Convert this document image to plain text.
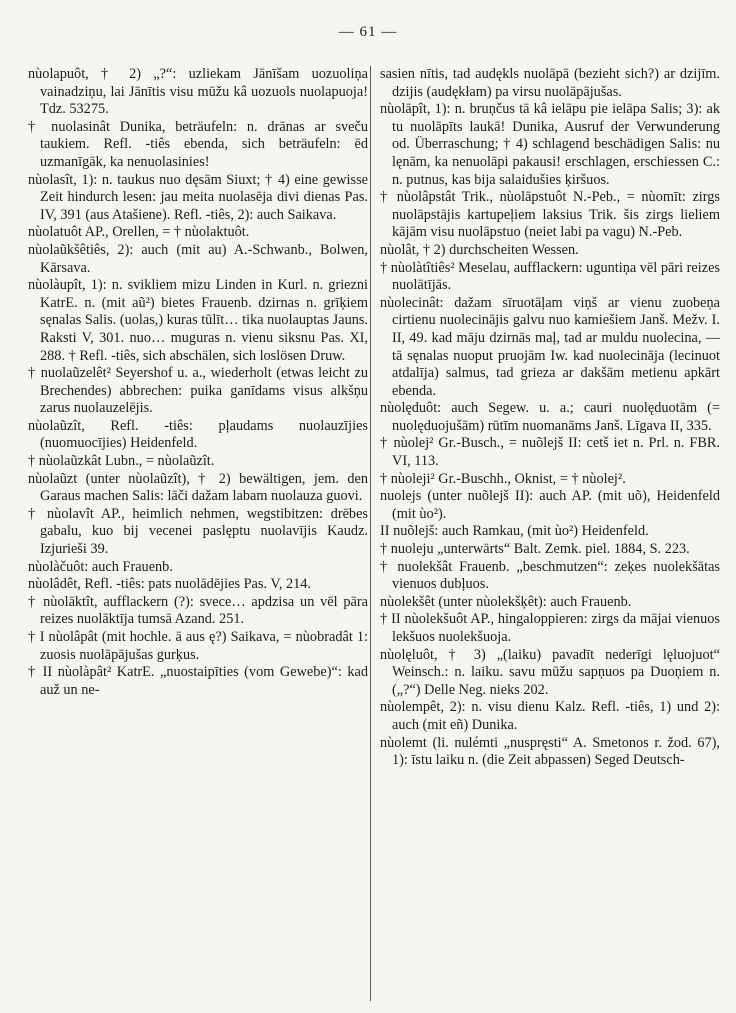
— 61 —

nùolapuôt, † 2) „?“: uzliekam Jānīšam uozuoliņa vainadziņu, lai Jānītis visu mūžu kâ uozuols nuolapuoja! Tdz. 53275.

† nuolasinât Dunika, beträufeln: n. drānas ar sveču taukiem. Refl. -tiês ebenda, sich beträufeln: ēd uzmanīgāk, ka nenuolasinies!

nùolasît, 1): n. taukus nuo dęsām Siuxt; † 4) eine gewisse Zeit hindurch lesen: jau meita nuolasēja divi dienas Pas. IV, 391 (aus Atašiene). Refl. -tiês, 2): auch Saikava.

nùolatuôt AP., Orellen, = † nùolaktuôt.

nùolaũkšêtiês, 2): auch (mit au) A.-Schwanb., Bolwen, Kārsava.

nùolàupît, 1): n. svikliem mizu Linden in Kurl. n. griezni KatrE. n. (mit aũ²) bietes Frauenb. dzirnas n. grīķiem sęnalas Salis. (uolas,) kuras tūlīt… tika nuolauptas Jauns. Raksti V, 301. nuo… muguras n. vienu siksnu Pas. XI, 288. † Refl. -tiês, sich abschälen, sich loslösen Druw.

† nuolaũzelêt² Seyershof u. a., wiederholt (etwas leicht zu Brechendes) abbrechen: puika ganīdams visus alkšņu zarus nuolauzelējis.

nùolaũzît, Refl. -tiês: pļaudams nuolauzījies (nuomuocījies) Heidenfeld.

† nùolaũzkât Lubn., = nùolaũzît.

nùolaũzt (unter nùolaũzît), † 2) bewältigen, jem. den Garaus machen Salis: lāči dažam labam nuolauza guovi.

† nùolavît AP., heimlich nehmen, wegstibitzen: drēbes gabalu, kuo bij vecenei paslęptu nuolavījis Kaudz. Izjurieši 39.

nùolàčuôt: auch Frauenb.

nùolâdêt, Refl. -tiês: pats nuolādējies Pas. V, 214.

† nùolāktît, aufflackern (?): svece… apdzisa un vēl pāra reizes nuolāktīja tumsā Azand. 251.

† I nùolâpât (mit hochle. ā aus ę?) Saikava, = nùobradât 1: zuosis nuolāpājušas gurķus.

† II nùolàpât² KatrE. „nuostaipīties (vom Gewebe)“: kad auž un ne-

sasien nītis, tad audękls nuolāpā (bezieht sich?) ar dzijīm. dzijis (audękłam) pa virsu nuolāpājušas.

nùolāpît, 1): n. bruņčus tā kâ ielāpu pie ielāpa Salis; 3): ak tu nuolāpīts laukā! Dunika, Ausruf der Verwunderung od. Überraschung; † 4) schlagend beschädigen Salis: nu lęnām, ka nenuolāpi pakausi! erschlagen, erschiessen C.: n. putnus, kas bija salaidušies ķiršuos.

† nùolâpstât Trik., nùolāpstuôt N.-Peb., = nùomīt: zirgs nuolāpstājis kartupeļiem laksius Trik. šis zirgs lieliem kājām visu nuolāpstuo (neiet labi pa vagu) N.-Peb.

nùolât, † 2) durchscheiten Wessen.

† nùolàtîtiês² Meselau, aufflackern: uguntiņa vēl pāri reizes nuolātījās.

nùolecinât: dažam sīruotāļam viņš ar vienu zuobeņa cirtienu nuolecinājis galvu nuo kamiešiem Janš. Mežv. I. II, 49. kad māju dzirnās maļ, tad ar muldu nuolecina, — tā sęnalas nuoput pruojām Iw. kad nuolecināja (lecinuot atdalīja) salmus, tad grieza ar dakšām metienu apkārt ebenda.

nùolęduôt: auch Segew. u. a.; cauri nuolęduotām (= nuolęduojušām) rūtīm nuomanāms Janš. Līgava II, 335.

† nùolej² Gr.-Busch., = nuõlejš II: cetš iet n. Prl. n. FBR. VI, 113.

† nùoleji² Gr.-Buschh., Oknist, = † nùolej².

nuolejs (unter nuõlejš II): auch AP. (mit uõ), Heidenfeld (mit ùo²).

II nuõlejš: auch Ramkau, (mit ùo²) Heidenfeld.

† nuoleju „unterwärts“ Balt. Zemk. piel. 1884, S. 223.

† nuolekšât Frauenb. „beschmutzen“: zeķes nuolekšātas vienuos dubļuos.

nùolekšêt (unter nùolekšķêt): auch Frauenb.

† II nùolekšuôt AP., hingaloppieren: zirgs da mājai vienuos lekšuos nuolekšuoja.

nùolęluôt, † 3) „(laiku) pavadīt nederīgi lęluojuot“ Weinsch.: n. laiku. savu mūžu sapņuos pa Duoņiem n. („?“) Delle Neg. nieks 202.

nùolempêt, 2): n. visu dienu Kalz. Refl. -tiês, 1) und 2): auch (mit eñ) Dunika.

nùolemt (li. nulémti „nuspręsti“ A. Smetonos r. žod. 67), 1): īstu laiku n. (die Zeit abpassen) Seged Deutsch-
